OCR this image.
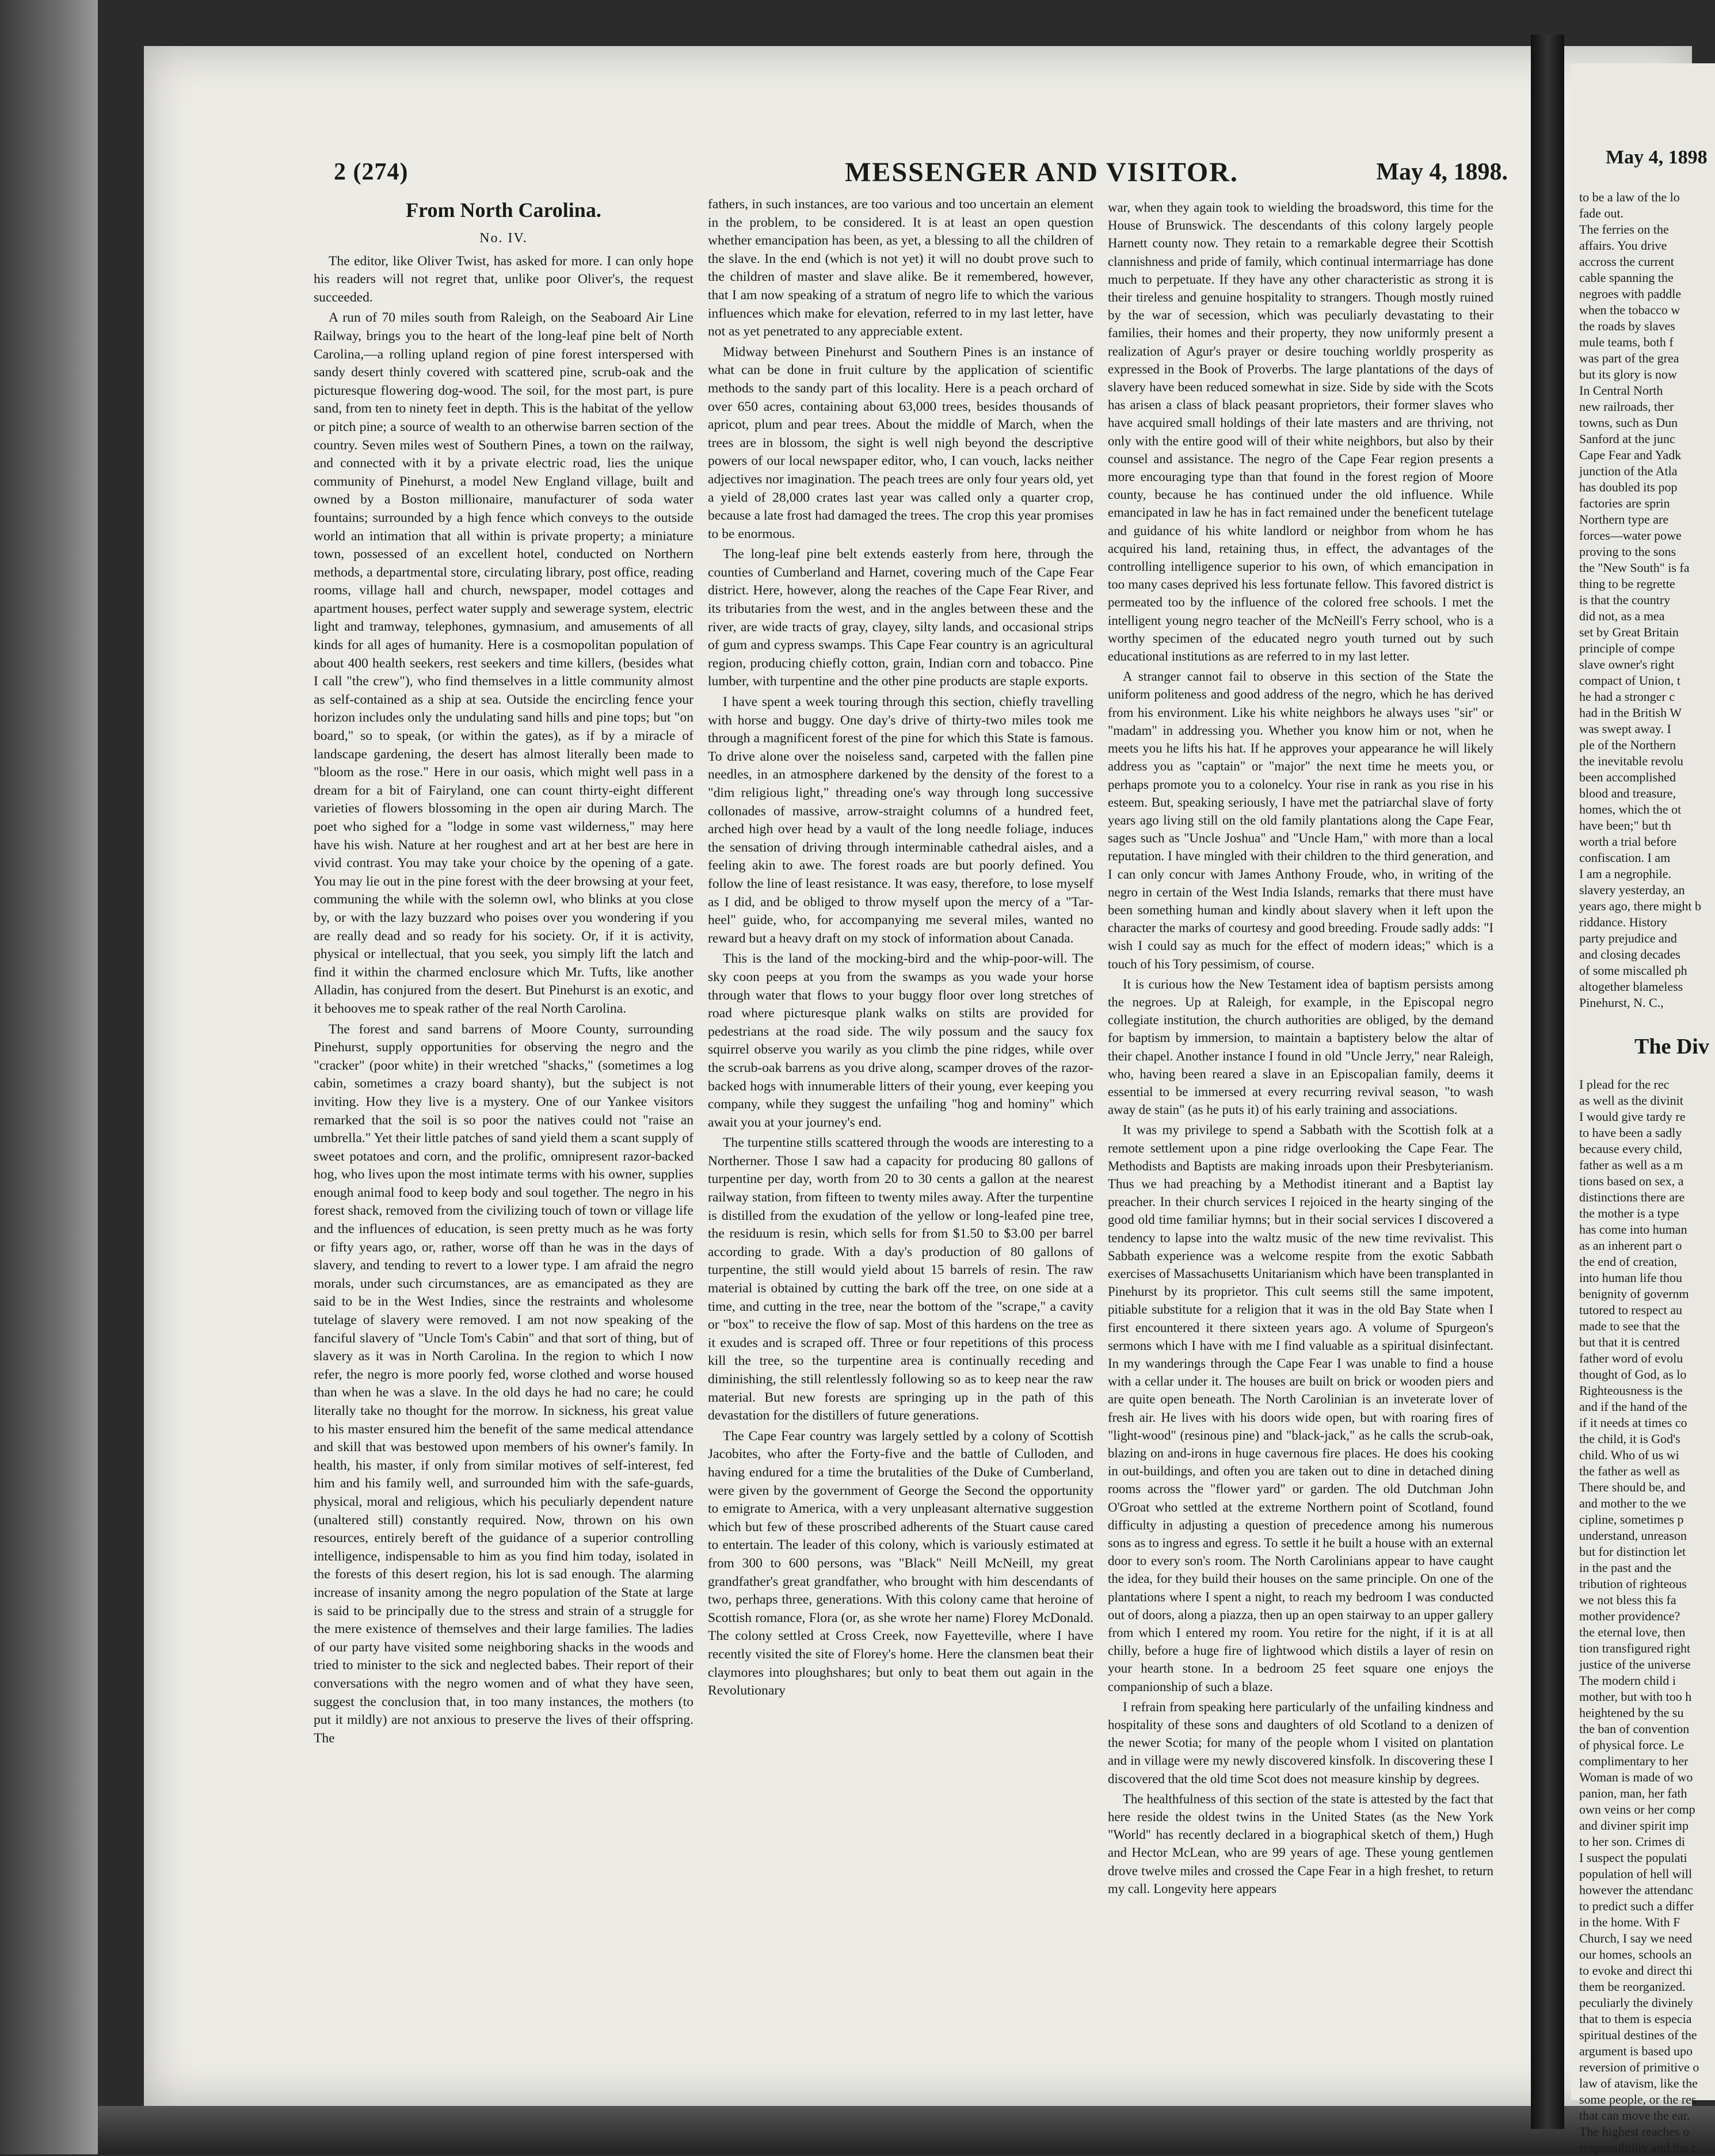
2 (274)	MESSENGER AND VISITOR.	May 4, 1898.
From North Carolina.
No. IV.

The editor, like Oliver Twist, has asked for more. I can only hope his readers will not regret that, unlike poor Oliver's, the request succeeded.

A run of 70 miles south from Raleigh, on the Seaboard Air Line Railway, brings you to the heart of the long-leaf pine belt of North Carolina,—a rolling upland region of pine forest interspersed with sandy desert thinly covered with scattered pine, scrub-oak and the picturesque flowering dog-wood. The soil, for the most part, is pure sand, from ten to ninety feet in depth. This is the habitat of the yellow or pitch pine; a source of wealth to an otherwise barren section of the country. Seven miles west of Southern Pines, a town on the railway, and connected with it by a private electric road, lies the unique community of Pinehurst, a model New England village, built and owned by a Boston millionaire, manufacturer of soda water fountains; surrounded by a high fence which conveys to the outside world an intimation that all within is private property; a miniature town, possessed of an excellent hotel, conducted on Northern methods, a departmental store, circulating library, post office, reading rooms, village hall and church, newspaper, model cottages and apartment houses, perfect water supply and sewerage system, electric light and tramway, telephones, gymnasium, and amusements of all kinds for all ages of humanity. Here is a cosmopolitan population of about 400 health seekers, rest seekers and time killers, (besides what I call "the crew"), who find themselves in a little community almost as self-contained as a ship at sea. Outside the encircling fence your horizon includes only the undulating sand hills and pine tops; but "on board," so to speak, (or within the gates), as if by a miracle of landscape gardening, the desert has almost literally been made to "bloom as the rose." Here in our oasis, which might well pass in a dream for a bit of Fairyland, one can count thirty-eight different varieties of flowers blossoming in the open air during March. The poet who sighed for a "lodge in some vast wilderness," may here have his wish. Nature at her roughest and art at her best are here in vivid contrast. You may take your choice by the opening of a gate. You may lie out in the pine forest with the deer browsing at your feet, communing the while with the solemn owl, who blinks at you close by, or with the lazy buzzard who poises over you wondering if you are really dead and so ready for his society. Or, if it is activity, physical or intellectual, that you seek, you simply lift the latch and find it within the charmed enclosure which Mr. Tufts, like another Alladin, has conjured from the desert. But Pinehurst is an exotic, and it behooves me to speak rather of the real North Carolina.

The forest and sand barrens of Moore County, surrounding Pinehurst, supply opportunities for observing the negro and the "cracker" (poor white) in their wretched "shacks," (sometimes a log cabin, sometimes a crazy board shanty), but the subject is not inviting. How they live is a mystery. One of our Yankee visitors remarked that the soil is so poor the natives could not "raise an umbrella." Yet their little patches of sand yield them a scant supply of sweet potatoes and corn, and the prolific, omnipresent razor-backed hog, who lives upon the most intimate terms with his owner, supplies enough animal food to keep body and soul together. The negro in his forest shack, removed from the civilizing touch of town or village life and the influences of education, is seen pretty much as he was forty or fifty years ago, or, rather, worse off than he was in the days of slavery, and tending to revert to a lower type. I am afraid the negro morals, under such circumstances, are as emancipated as they are said to be in the West Indies, since the restraints and wholesome tutelage of slavery were removed. I am not now speaking of the fanciful slavery of "Uncle Tom's Cabin" and that sort of thing, but of slavery as it was in North Carolina. In the region to which I now refer, the negro is more poorly fed, worse clothed and worse housed than when he was a slave. In the old days he had no care; he could literally take no thought for the morrow. In sickness, his great value to his master ensured him the benefit of the same medical attendance and skill that was bestowed upon members of his owner's family. In health, his master, if only from similar motives of self-interest, fed him and his family well, and surrounded him with the safe-guards, physical, moral and religious, which his peculiarly dependent nature (unaltered still) constantly required. Now, thrown on his own resources, entirely bereft of the guidance of a superior controlling intelligence, indispensable to him as you find him today, isolated in the forests of this desert region, his lot is sad enough. The alarming increase of insanity among the negro population of the State at large is said to be principally due to the stress and strain of a struggle for the mere existence of themselves and their large families. The ladies of our party have visited some neighboring shacks in the woods and tried to minister to the sick and neglected babes. Their report of their conversations with the negro women and of what they have seen, suggest the conclusion that, in too many instances, the mothers (to put it mildly) are not anxious to preserve the lives of their offspring. The

fathers, in such instances, are too various and too uncertain an element in the problem, to be considered. It is at least an open question whether emancipation has been, as yet, a blessing to all the children of the slave. In the end (which is not yet) it will no doubt prove such to the children of master and slave alike. Be it remembered, however, that I am now speaking of a stratum of negro life to which the various influences which make for elevation, referred to in my last letter, have not as yet penetrated to any appreciable extent.

Midway between Pinehurst and Southern Pines is an instance of what can be done in fruit culture by the application of scientific methods to the sandy part of this locality. Here is a peach orchard of over 650 acres, containing about 63,000 trees, besides thousands of apricot, plum and pear trees. About the middle of March, when the trees are in blossom, the sight is well nigh beyond the descriptive powers of our local newspaper editor, who, I can vouch, lacks neither adjectives nor imagination. The peach trees are only four years old, yet a yield of 28,000 crates last year was called only a quarter crop, because a late frost had damaged the trees. The crop this year promises to be enormous.

The long-leaf pine belt extends easterly from here, through the counties of Cumberland and Harnet, covering much of the Cape Fear district. Here, however, along the reaches of the Cape Fear River, and its tributaries from the west, and in the angles between these and the river, are wide tracts of gray, clayey, silty lands, and occasional strips of gum and cypress swamps. This Cape Fear country is an agricultural region, producing chiefly cotton, grain, Indian corn and tobacco. Pine lumber, with turpentine and the other pine products are staple exports.

I have spent a week touring through this section, chiefly travelling with horse and buggy. One day's drive of thirty-two miles took me through a magnificent forest of the pine for which this State is famous. To drive alone over the noiseless sand, carpeted with the fallen pine needles, in an atmosphere darkened by the density of the forest to a "dim religious light," threading one's way through long successive collonades of massive, arrow-straight columns of a hundred feet, arched high over head by a vault of the long needle foliage, induces the sensation of driving through interminable cathedral aisles, and a feeling akin to awe. The forest roads are but poorly defined. You follow the line of least resistance. It was easy, therefore, to lose myself as I did, and be obliged to throw myself upon the mercy of a "Tar-heel" guide, who, for accompanying me several miles, wanted no reward but a heavy draft on my stock of information about Canada.

This is the land of the mocking-bird and the whip-poor-will. The sky coon peeps at you from the swamps as you wade your horse through water that flows to your buggy floor over long stretches of road where picturesque plank walks on stilts are provided for pedestrians at the road side. The wily possum and the saucy fox squirrel observe you warily as you climb the pine ridges, while over the scrub-oak barrens as you drive along, scamper droves of the razor-backed hogs with innumerable litters of their young, ever keeping you company, while they suggest the unfailing "hog and hominy" which await you at your journey's end.

The turpentine stills scattered through the woods are interesting to a Northerner. Those I saw had a capacity for producing 80 gallons of turpentine per day, worth from 20 to 30 cents a gallon at the nearest railway station, from fifteen to twenty miles away. After the turpentine is distilled from the exudation of the yellow or long-leafed pine tree, the residuum is resin, which sells for from $1.50 to $3.00 per barrel according to grade. With a day's production of 80 gallons of turpentine, the still would yield about 15 barrels of resin. The raw material is obtained by cutting the bark off the tree, on one side at a time, and cutting in the tree, near the bottom of the "scrape," a cavity or "box" to receive the flow of sap. Most of this hardens on the tree as it exudes and is scraped off. Three or four repetitions of this process kill the tree, so the turpentine area is continually receding and diminishing, the still relentlessly following so as to keep near the raw material. But new forests are springing up in the path of this devastation for the distillers of future generations.

The Cape Fear country was largely settled by a colony of Scottish Jacobites, who after the Forty-five and the battle of Culloden, and having endured for a time the brutalities of the Duke of Cumberland, were given by the government of George the Second the opportunity to emigrate to America, with a very unpleasant alternative suggestion which but few of these proscribed adherents of the Stuart cause cared to entertain. The leader of this colony, which is variously estimated at from 300 to 600 persons, was "Black" Neill McNeill, my great grandfather's great grandfather, who brought with him descendants of two, perhaps three, generations. With this colony came that heroine of Scottish romance, Flora (or, as she wrote her name) Florey McDonald. The colony settled at Cross Creek, now Fayetteville, where I have recently visited the site of Florey's home. Here the clansmen beat their claymores into ploughshares; but only to beat them out again in the Revolutionary

war, when they again took to wielding the broadsword, this time for the House of Brunswick. The descendants of this colony largely people Harnett county now. They retain to a remarkable degree their Scottish clannishness and pride of family, which continual intermarriage has done much to perpetuate. If they have any other characteristic as strong it is their tireless and genuine hospitality to strangers. Though mostly ruined by the war of secession, which was peculiarly devastating to their families, their homes and their property, they now uniformly present a realization of Agur's prayer or desire touching worldly prosperity as expressed in the Book of Proverbs. The large plantations of the days of slavery have been reduced somewhat in size. Side by side with the Scots has arisen a class of black peasant proprietors, their former slaves who have acquired small holdings of their late masters and are thriving, not only with the entire good will of their white neighbors, but also by their counsel and assistance. The negro of the Cape Fear region presents a more encouraging type than that found in the forest region of Moore county, because he has continued under the old influence. While emancipated in law he has in fact remained under the beneficent tutelage and guidance of his white landlord or neighbor from whom he has acquired his land, retaining thus, in effect, the advantages of the controlling intelligence superior to his own, of which emancipation in too many cases deprived his less fortunate fellow. This favored district is permeated too by the influence of the colored free schools. I met the intelligent young negro teacher of the McNeill's Ferry school, who is a worthy specimen of the educated negro youth turned out by such educational institutions as are referred to in my last letter.

A stranger cannot fail to observe in this section of the State the uniform politeness and good address of the negro, which he has derived from his environment. Like his white neighbors he always uses "sir" or "madam" in addressing you. Whether you know him or not, when he meets you he lifts his hat. If he approves your appearance he will likely address you as "captain" or "major" the next time he meets you, or perhaps promote you to a colonelcy. Your rise in rank as you rise in his esteem. But, speaking seriously, I have met the patriarchal slave of forty years ago living still on the old family plantations along the Cape Fear, sages such as "Uncle Joshua" and "Uncle Ham," with more than a local reputation. I have mingled with their children to the third generation, and I can only concur with James Anthony Froude, who, in writing of the negro in certain of the West India Islands, remarks that there must have been something human and kindly about slavery when it left upon the character the marks of courtesy and good breeding. Froude sadly adds: "I wish I could say as much for the effect of modern ideas;" which is a touch of his Tory pessimism, of course.

It is curious how the New Testament idea of baptism persists among the negroes. Up at Raleigh, for example, in the Episcopal negro collegiate institution, the church authorities are obliged, by the demand for baptism by immersion, to maintain a baptistery below the altar of their chapel. Another instance I found in old "Uncle Jerry," near Raleigh, who, having been reared a slave in an Episcopalian family, deems it essential to be immersed at every recurring revival season, "to wash away de stain" (as he puts it) of his early training and associations.

It was my privilege to spend a Sabbath with the Scottish folk at a remote settlement upon a pine ridge overlooking the Cape Fear. The Methodists and Baptists are making inroads upon their Presbyterianism. Thus we had preaching by a Methodist itinerant and a Baptist lay preacher. In their church services I rejoiced in the hearty singing of the good old time familiar hymns; but in their social services I discovered a tendency to lapse into the waltz music of the new time revivalist. This Sabbath experience was a welcome respite from the exotic Sabbath exercises of Massachusetts Unitarianism which have been transplanted in Pinehurst by its proprietor. This cult seems still the same impotent, pitiable substitute for a religion that it was in the old Bay State when I first encountered it there sixteen years ago. A volume of Spurgeon's sermons which I have with me I find valuable as a spiritual disinfectant. In my wanderings through the Cape Fear I was unable to find a house with a cellar under it. The houses are built on brick or wooden piers and are quite open beneath. The North Carolinian is an inveterate lover of fresh air. He lives with his doors wide open, but with roaring fires of "light-wood" (resinous pine) and "black-jack," as he calls the scrub-oak, blazing on and-irons in huge cavernous fire places. He does his cooking in out-buildings, and often you are taken out to dine in detached dining rooms across the "flower yard" or garden. The old Dutchman John O'Groat who settled at the extreme Northern point of Scotland, found difficulty in adjusting a question of precedence among his numerous sons as to ingress and egress. To settle it he built a house with an external door to every son's room. The North Carolinians appear to have caught the idea, for they build their houses on the same principle. On one of the plantations where I spent a night, to reach my bedroom I was conducted out of doors, along a piazza, then up an open stairway to an upper gallery from which I entered my room. You retire for the night, if it is at all chilly, before a huge fire of lightwood which distils a layer of resin on your hearth stone. In a bedroom 25 feet square one enjoys the companionship of such a blaze.

I refrain from speaking here particularly of the unfailing kindness and hospitality of these sons and daughters of old Scotland to a denizen of the newer Scotia; for many of the people whom I visited on plantation and in village were my newly discovered kinsfolk. In discovering these I discovered that the old time Scot does not measure kinship by degrees.

The healthfulness of this section of the state is attested by the fact that here reside the oldest twins in the United States (as the New York "World" has recently declared in a biographical sketch of them,) Hugh and Hector McLean, who are 99 years of age. These young gentlemen drove twelve miles and crossed the Cape Fear in a high freshet, to return my call. Longevity here appears

May 4, 1898
to be a law of the lo
fade out.
The ferries on the
affairs. You drive
accross the current
cable spanning the
negroes with paddle
when the tobacco w
the roads by slaves
mule teams, both f
was part of the grea
but its glory is now
In Central North
new railroads, ther
towns, such as Dun
Sanford at the junc
Cape Fear and Yadk
junction of the Atla
has doubled its pop
factories are sprin
Northern type are
forces—water powe
proving to the sons
the "New South" is fa
thing to be regrette
is that the country
did not, as a mea
set by Great Britain
principle of compe
slave owner's right
compact of Union, t
he had a stronger c
had in the British W
was swept away. I
ple of the Northern
the inevitable revolu
been accomplished
blood and treasure,
homes, which the ot
have been;" but th
worth a trial before
confiscation. I am
I am a negrophile.
slavery yesterday, an
years ago, there might b
riddance. History
party prejudice and
and closing decades
of some miscalled ph
altogether blameless
Pinehurst, N. C.,
The Div
I plead for the rec
as well as the divinit
I would give tardy re
to have been a sadly
because every child,
father as well as a m
tions based on sex, a
distinctions there are
the mother is a type
has come into human
as an inherent part o
the end of creation,
into human life thou
benignity of governm
tutored to respect au
made to see that the
but that it is centred
father word of evolu
thought of God, as lo
Righteousness is the
and if the hand of the
if it needs at times co
the child, it is God's
child. Who of us wi
the father as well as
There should be, and
and mother to the we
cipline, sometimes p
understand, unreason
but for distinction let
in the past and the
tribution of righteous
we not bless this fa
mother providence?
the eternal love, then
tion transfigured right
justice of the universe
The modern child i
mother, but with too h
heightened by the su
the ban of convention
of physical force. Le
complimentary to her
Woman is made of wo
panion, man, her fath
own veins or her comp
and diviner spirit imp
to her son. Crimes di
I suspect the populati
population of hell will
however the attendanc
to predict such a differ
in the home. With F
Church, I say we need
our homes, schools an
to evoke and direct thi
them be reorganized.
peculiarly the divinely
that to them is especia
spiritual destines of the
argument is based upo
reversion of primitive o
law of atavism, like the
some people, or the res
that can move the ear.
The highest reaches o
responsibility and the c
